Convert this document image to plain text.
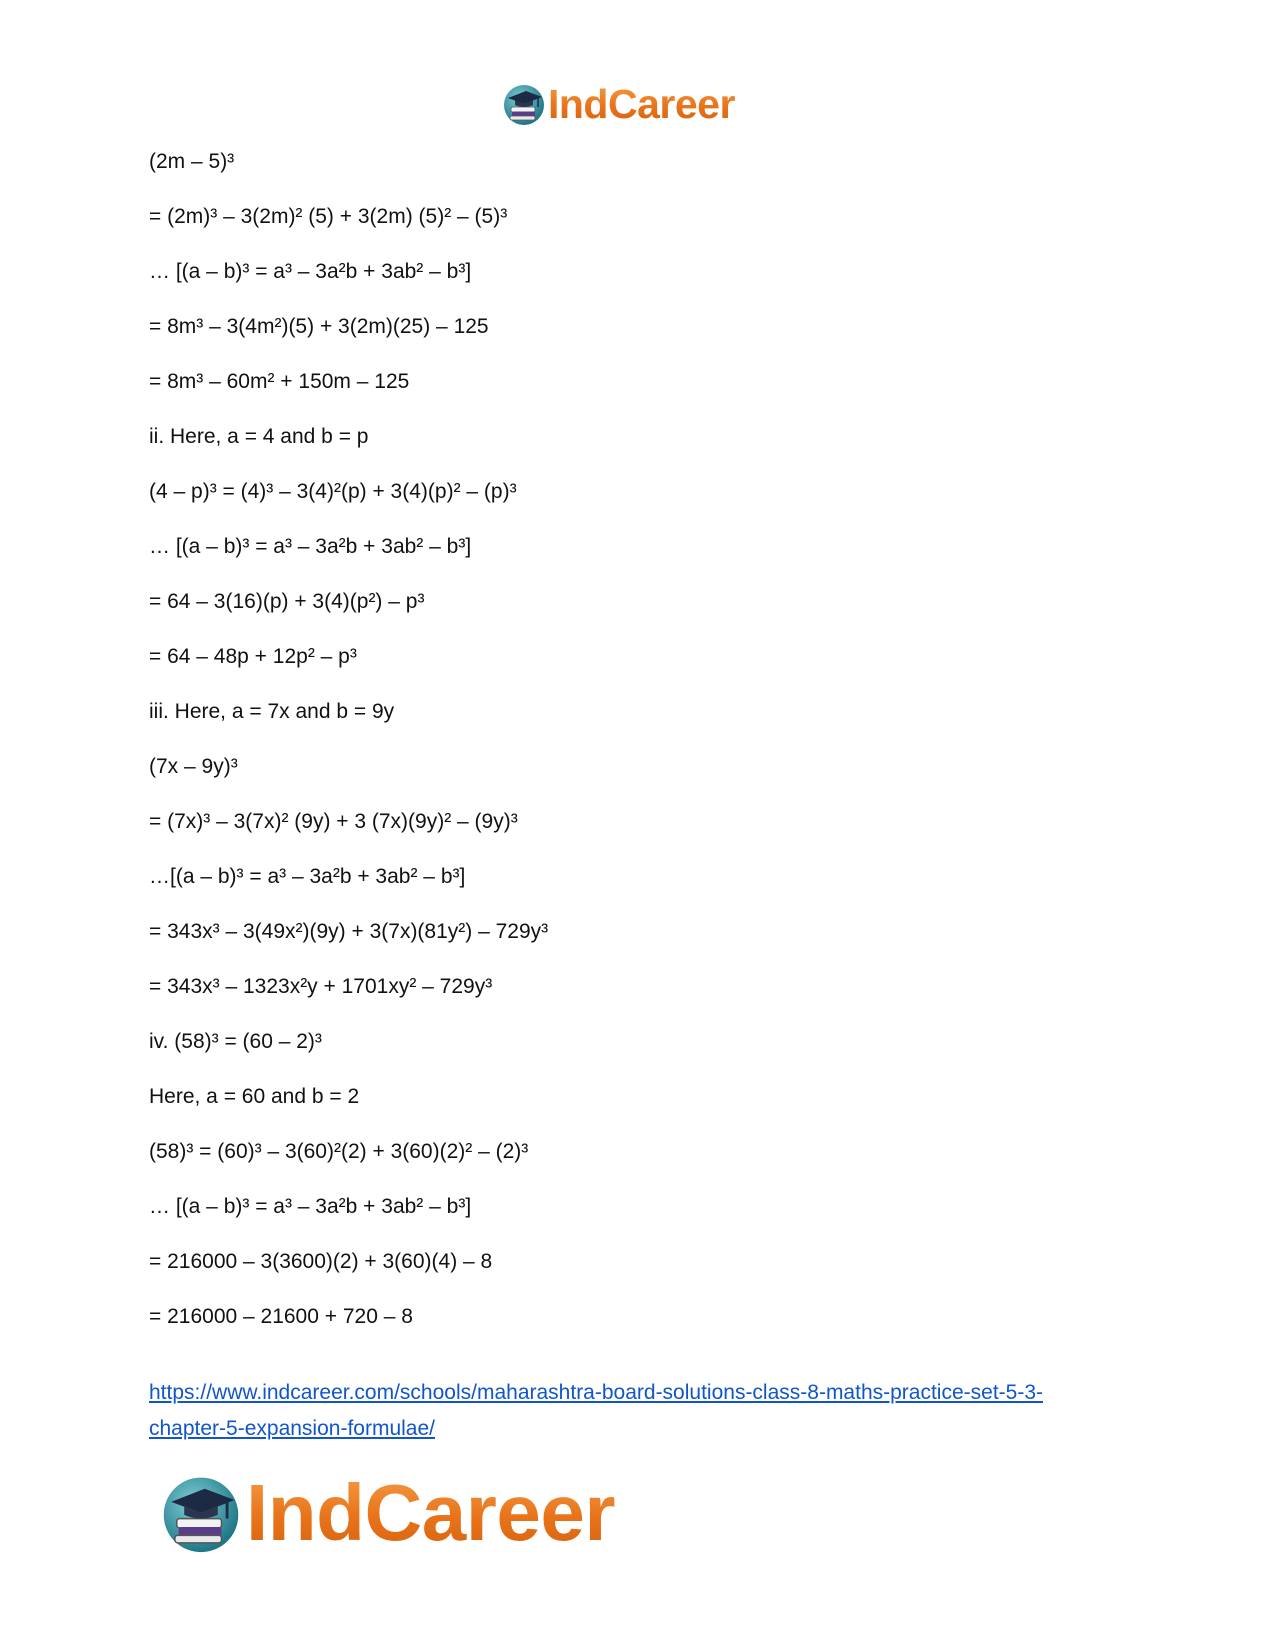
IndCareer
(2m – 5)³
= (2m)³ – 3(2m)² (5) + 3(2m) (5)² – (5)³
… [(a – b)³ = a³ – 3a²b + 3ab² – b³]
= 8m³ – 3(4m²)(5) + 3(2m)(25) – 125
= 8m³ – 60m² + 150m – 125
ii. Here, a = 4 and b = p
(4 – p)³ = (4)³ – 3(4)²(p) + 3(4)(p)² – (p)³
… [(a – b)³ = a³ – 3a²b + 3ab² – b³]
= 64 – 3(16)(p) + 3(4)(p²) – p³
= 64 – 48p + 12p² – p³
iii. Here, a = 7x and b = 9y
(7x – 9y)³
= (7x)³ – 3(7x)² (9y) + 3 (7x)(9y)² – (9y)³
…[(a – b)³ = a³ – 3a²b + 3ab² – b³]
= 343x³ – 3(49x²)(9y) + 3(7x)(81y²) – 729y³
= 343x³ – 1323x²y + 1701xy² – 729y³
iv. (58)³ = (60 – 2)³
Here, a = 60 and b = 2
(58)³ = (60)³ – 3(60)²(2) + 3(60)(2)² – (2)³
… [(a – b)³ = a³ – 3a²b + 3ab² – b³]
= 216000 – 3(3600)(2) + 3(60)(4) – 8
= 216000 – 21600 + 720 – 8
https://www.indcareer.com/schools/maharashtra-board-solutions-class-8-maths-practice-set-5-3-
chapter-5-expansion-formulae/
IndCareer
